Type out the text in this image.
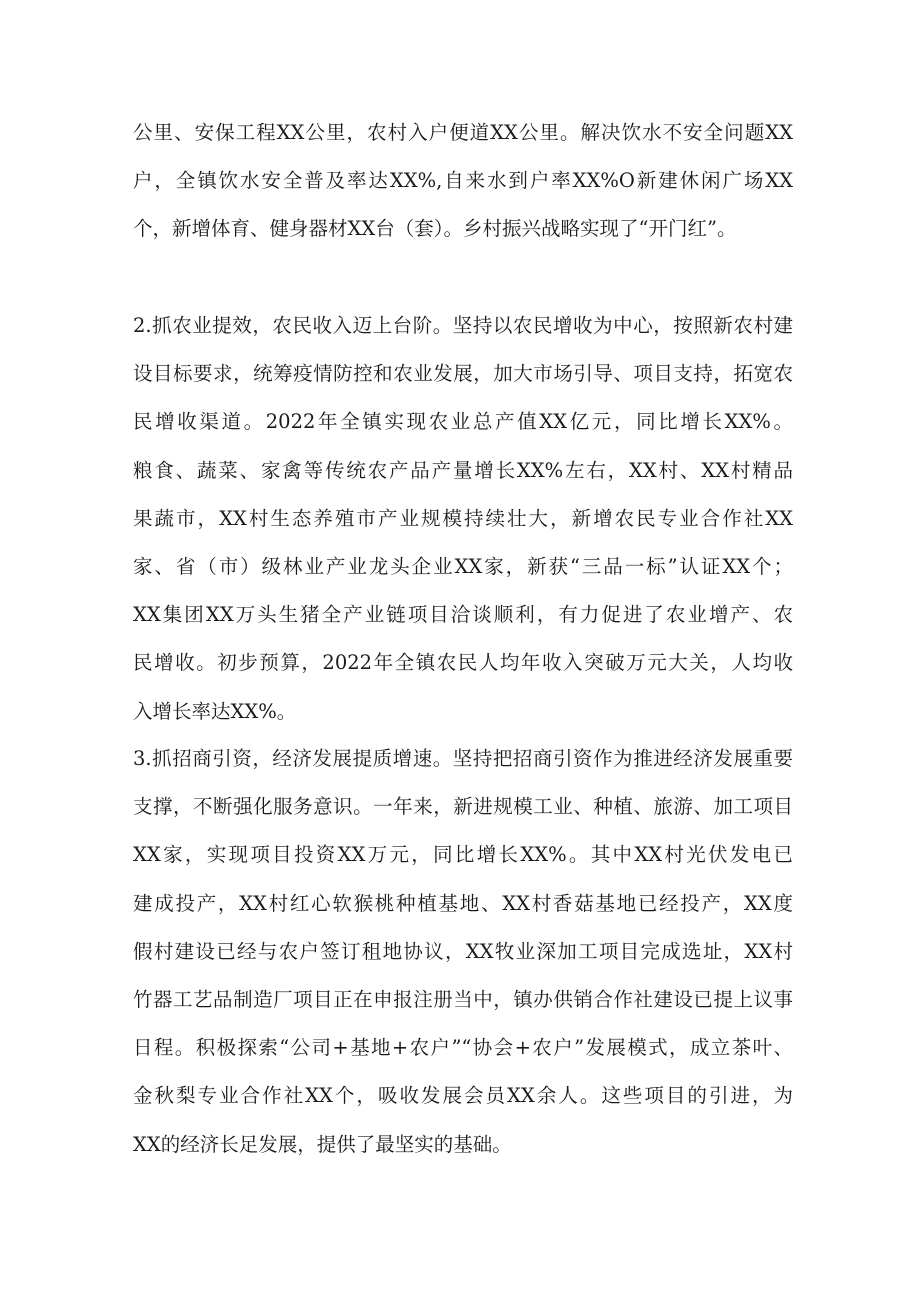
公里、安保工程XX公里，农村入户便道XX公里。解决饮水不安全问题XX
户，全镇饮水安全普及率达XX%,自来水到户率XX%O新建休闲广场XX
个，新增体育、健身器材XX台（套）。乡村振兴战略实现了“开门红”。

2.抓农业提效，农民收入迈上台阶。坚持以农民增收为中心，按照新农村建
设目标要求，统筹疫情防控和农业发展，加大市场引导、项目支持，拓宽农
民增收渠道。2022年全镇实现农业总产值XX亿元，同比增长XX%。
粮食、蔬菜、家禽等传统农产品产量增长XX%左右，XX村、XX村精品
果蔬市，XX村生态养殖市产业规模持续壮大，新增农民专业合作社XX
家、省（市）级林业产业龙头企业XX家，新获“三品一标”认证XX个；
XX集团XX万头生猪全产业链项目洽谈顺利，有力促进了农业增产、农
民增收。初步预算，2022年全镇农民人均年收入突破万元大关，人均收
入增长率达XX%。

3.抓招商引资，经济发展提质增速。坚持把招商引资作为推进经济发展重要
支撑，不断强化服务意识。一年来，新进规模工业、种植、旅游、加工项目
XX家，实现项目投资XX万元，同比增长XX%。其中XX村光伏发电已
建成投产，XX村红心软猴桃种植基地、XX村香菇基地已经投产，XX度
假村建设已经与农户签订租地协议，XX牧业深加工项目完成选址，XX村
竹器工艺品制造厂项目正在申报注册当中，镇办供销合作社建设已提上议事
日程。积极探索“公司+基地+农户”“协会+农户”发展模式，成立茶叶、
金秋梨专业合作社XX个，吸收发展会员XX余人。这些项目的引进，为
XX的经济长足发展，提供了最坚实的基础。
